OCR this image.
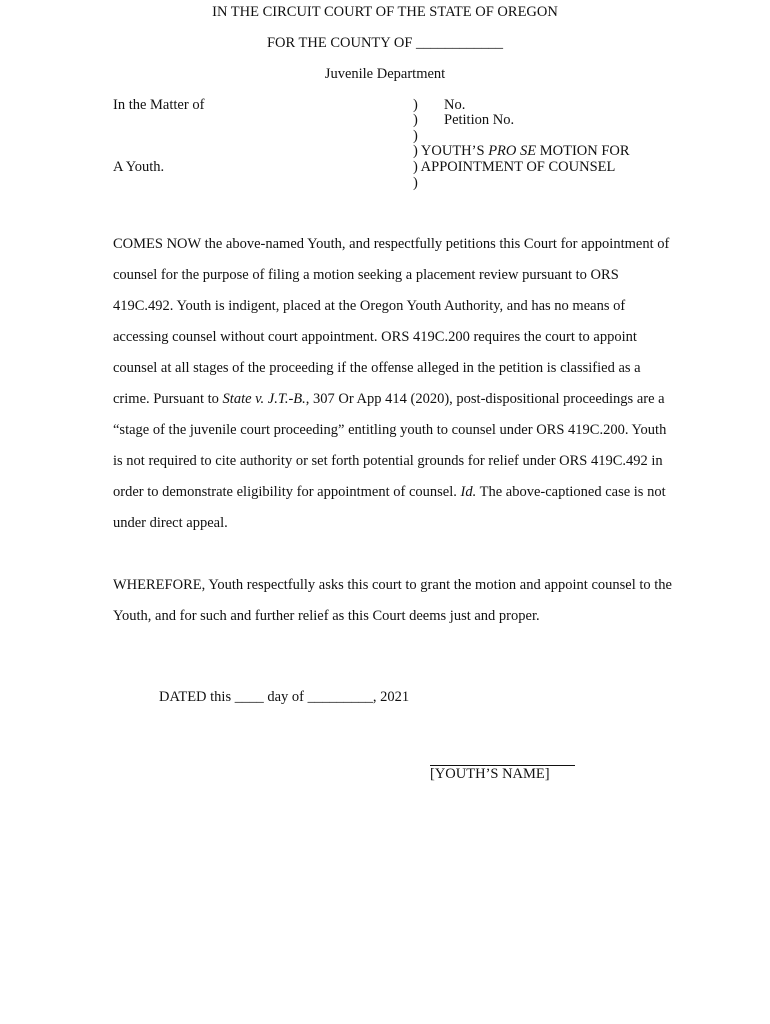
IN THE CIRCUIT COURT OF THE STATE OF OREGON
FOR THE COUNTY OF ____________
Juvenile Department
In the Matter of
A Youth.
) No.
) Petition No.
)
) YOUTH’S PRO SE MOTION FOR
) APPOINTMENT OF COUNSEL
)
COMES NOW the above-named Youth, and respectfully petitions this Court for appointment of
counsel for the purpose of filing a motion seeking a placement review pursuant to ORS
419C.492. Youth is indigent, placed at the Oregon Youth Authority, and has no means of
accessing counsel without court appointment. ORS 419C.200 requires the court to appoint
counsel at all stages of the proceeding if the offense alleged in the petition is classified as a
crime. Pursuant to State v. J.T.-B., 307 Or App 414 (2020), post-dispositional proceedings are a
“stage of the juvenile court proceeding” entitling youth to counsel under ORS 419C.200. Youth
is not required to cite authority or set forth potential grounds for relief under ORS 419C.492 in
order to demonstrate eligibility for appointment of counsel. Id. The above-captioned case is not
under direct appeal.
WHEREFORE, Youth respectfully asks this court to grant the motion and appoint counsel to the
Youth, and for such and further relief as this Court deems just and proper.
DATED this ____ day of _________, 2021
[YOUTH’S NAME]
